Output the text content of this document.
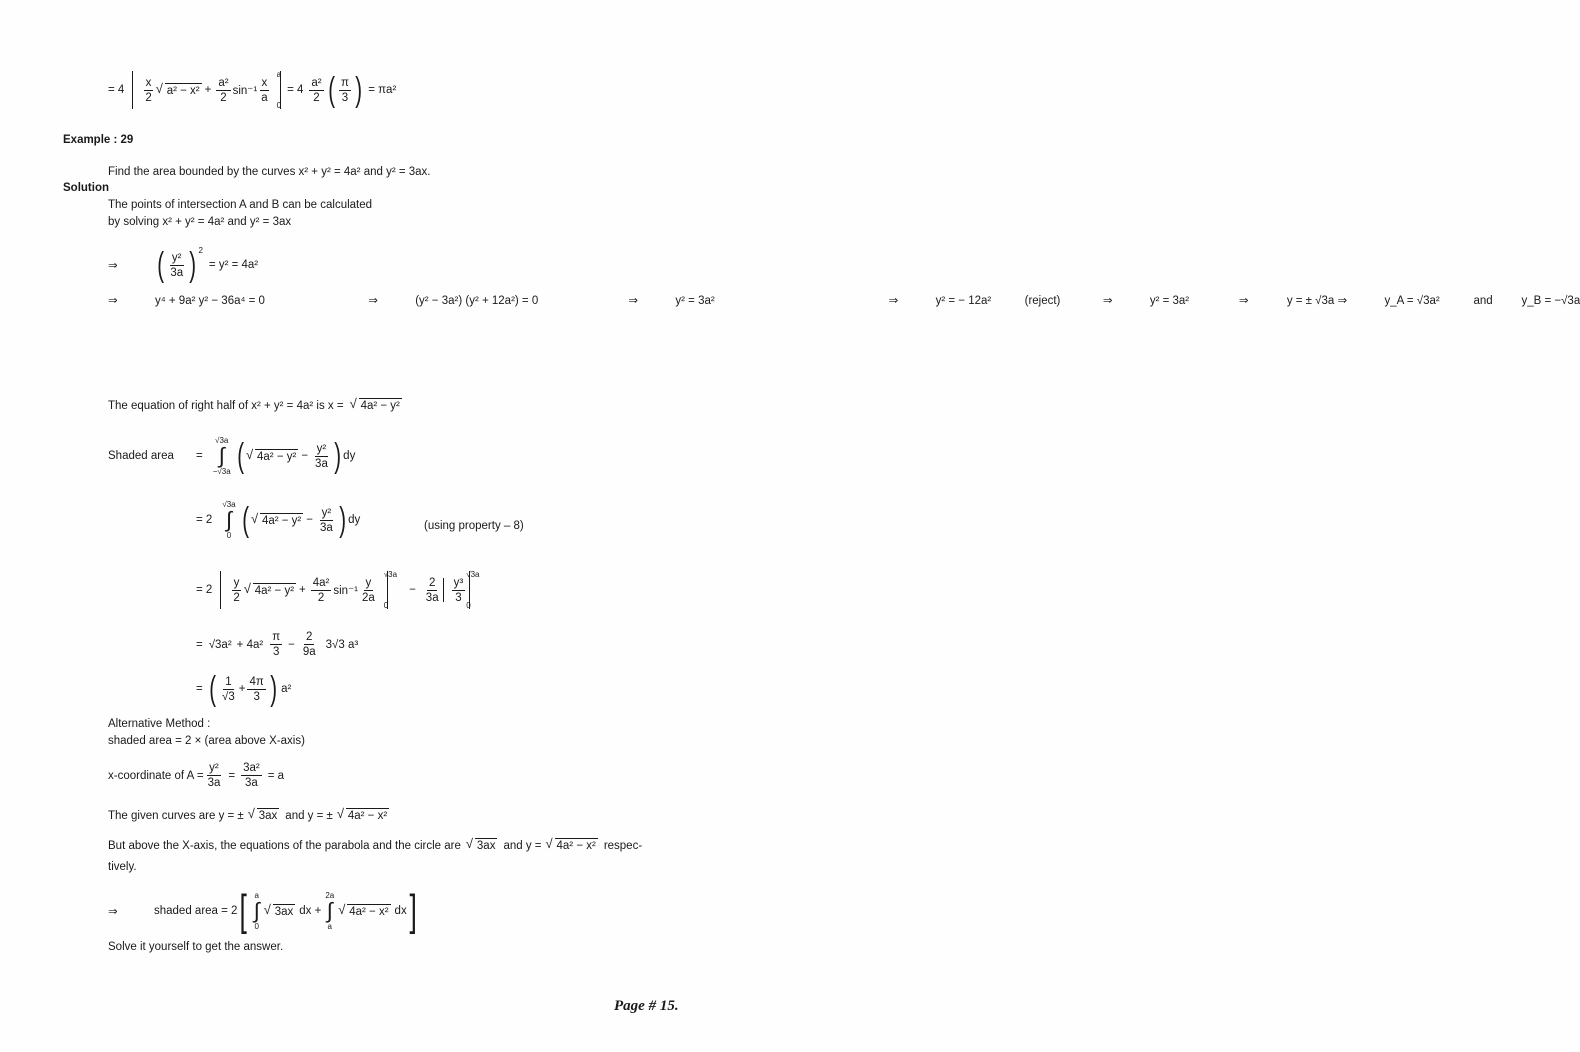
= $4 \frac{x}{2}$	√ $a^2 - x^2 + \frac{\text{a²}}{2} \sin^{-1} \frac{x}{a}$
a
0
= $4 \frac{\text{a²}}{2}$ ( $\frac{\pi}{3}$ ) = πa²
Example : 29
Find the area bounded by the curves x² + y² = 4a² and y² = 3ax.
Solution
The points of intersection A and B can be calculated
by solving x² + y² = 4a² and y² = 3ax
⇒	( $\frac{\text{y²}}{3a}$ ) 2
= y² = 4a²
⇒	y⁴ + 9a² y² − 36a⁴ = 0
	⇒	(y² − 3a²) (y² + 12a²) = 0
	⇒	y² = 3a²
	⇒	y² = − 12a²	(reject)
	⇒	y² = 3a²	⇒	y = ± √3a
⇒	y_A = √3a²	and	y_B = −√3a
The equation of right half of x² + y² = 4a² is x =	√ 4a² − y²
Shaded area	=
√3a
∫
−√3a (	√ $4a^2 - y^2 - \frac{\text{y²}}{3a}$ ) dy
= 2
√3a
∫
0 (	√ $4a^2 - y^2 - \frac{\text{y²}}{3a}$ ) dy	(using property – 8)
= $2 \frac{y}{2}$	√ $4a^2 - y^2 + \frac{\text{4a²}}{2} \sin^{-1} \frac{y}{2a}$
√3a
0
− $\frac{2}{3a} \frac{\text{y³}}{3}$
√3a
0
= $√3a^2 + 4a^2 \frac{\pi}{3} - \frac{2}{9a} 3√3$ a³
= ( $\frac{1}{√3} + \frac{4\pi}{3}$ ) a²
Alternative Method :
shaded area = 2 × (area above X-axis)
x-coordinate of $A = \frac{\text{y²}}{3a} = \frac{\text{3a²}}{3a} = a$
The given curves are y = ±	√ 3ax and y = ±	√ 4a² − x²
But above the X-axis, the equations of the parabola and the circle are	√ 3ax and y =	√ 4a² − x² respec-
tively.
⇒	shaded area = 2 [ a
∫
0
√ 3ax dx +
2a
∫
a
√ 4a² − x² dx ]
Solve it yourself to get the answer.
Page # 15.
